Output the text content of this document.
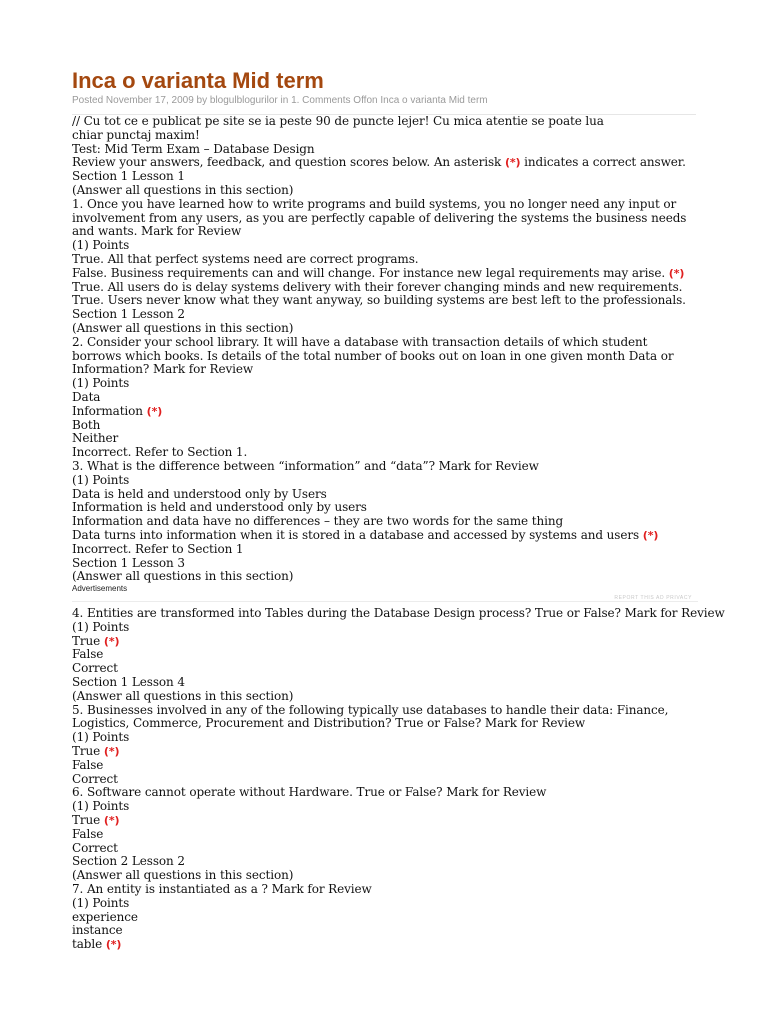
Inca o varianta Mid term
Posted November 17, 2009 by blogulblogurilor in 1. Comments Offon Inca o varianta Mid term
// Cu tot ce e publicat pe site se ia peste 90 de puncte lejer! Cu mica atentie se poate lua chiar punctaj maxim!
Test: Mid Term Exam – Database Design
Review your answers, feedback, and question scores below. An asterisk (*) indicates a correct answer.
Section 1 Lesson 1
(Answer all questions in this section)
1. Once you have learned how to write programs and build systems, you no longer need any input or involvement from any users, as you are perfectly capable of delivering the systems the business needs and wants. Mark for Review
(1) Points
True. All that perfect systems need are correct programs.
False. Business requirements can and will change. For instance new legal requirements may arise. (*)
True. All users do is delay systems delivery with their forever changing minds and new requirements.
True. Users never know what they want anyway, so building systems are best left to the professionals.
Section 1 Lesson 2
(Answer all questions in this section)
2. Consider your school library. It will have a database with transaction details of which student borrows which books. Is details of the total number of books out on loan in one given month Data or Information? Mark for Review
(1) Points
Data
Information (*)
Both
Neither
Incorrect. Refer to Section 1.
3. What is the difference between “information” and “data”? Mark for Review
(1) Points
Data is held and understood only by Users
Information is held and understood only by users
Information and data have no differences – they are two words for the same thing
Data turns into information when it is stored in a database and accessed by systems and users (*)
Incorrect. Refer to Section 1
Section 1 Lesson 3
(Answer all questions in this section)
Advertisements
REPORT THIS AD PRIVACY
4. Entities are transformed into Tables during the Database Design process? True or False? Mark for Review
(1) Points
True (*)
False
Correct
Section 1 Lesson 4
(Answer all questions in this section)
5. Businesses involved in any of the following typically use databases to handle their data: Finance, Logistics, Commerce, Procurement and Distribution? True or False? Mark for Review
(1) Points
True (*)
False
Correct
6. Software cannot operate without Hardware. True or False? Mark for Review
(1) Points
True (*)
False
Correct
Section 2 Lesson 2
(Answer all questions in this section)
7. An entity is instantiated as a ? Mark for Review
(1) Points
experience
instance
table (*)
